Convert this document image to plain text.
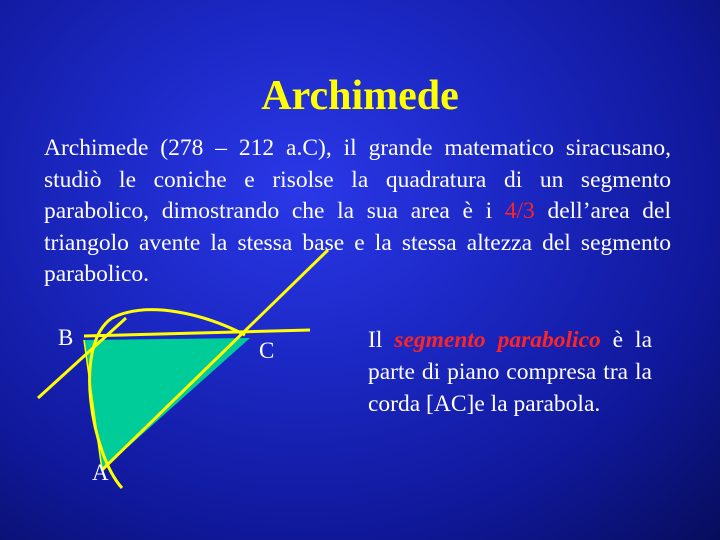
Archimede
Archimede (278 – 212 a.C), il grande matematico siracusano, studiò le coniche e risolse la quadratura di un segmento parabolico, dimostrando che la sua area è i 4/3 dell’area del triangolo avente la stessa base e la stessa altezza del segmento parabolico.
B
C
A
Il segmento parabolico è la parte di piano compresa tra la corda [AC]e la parabola.
